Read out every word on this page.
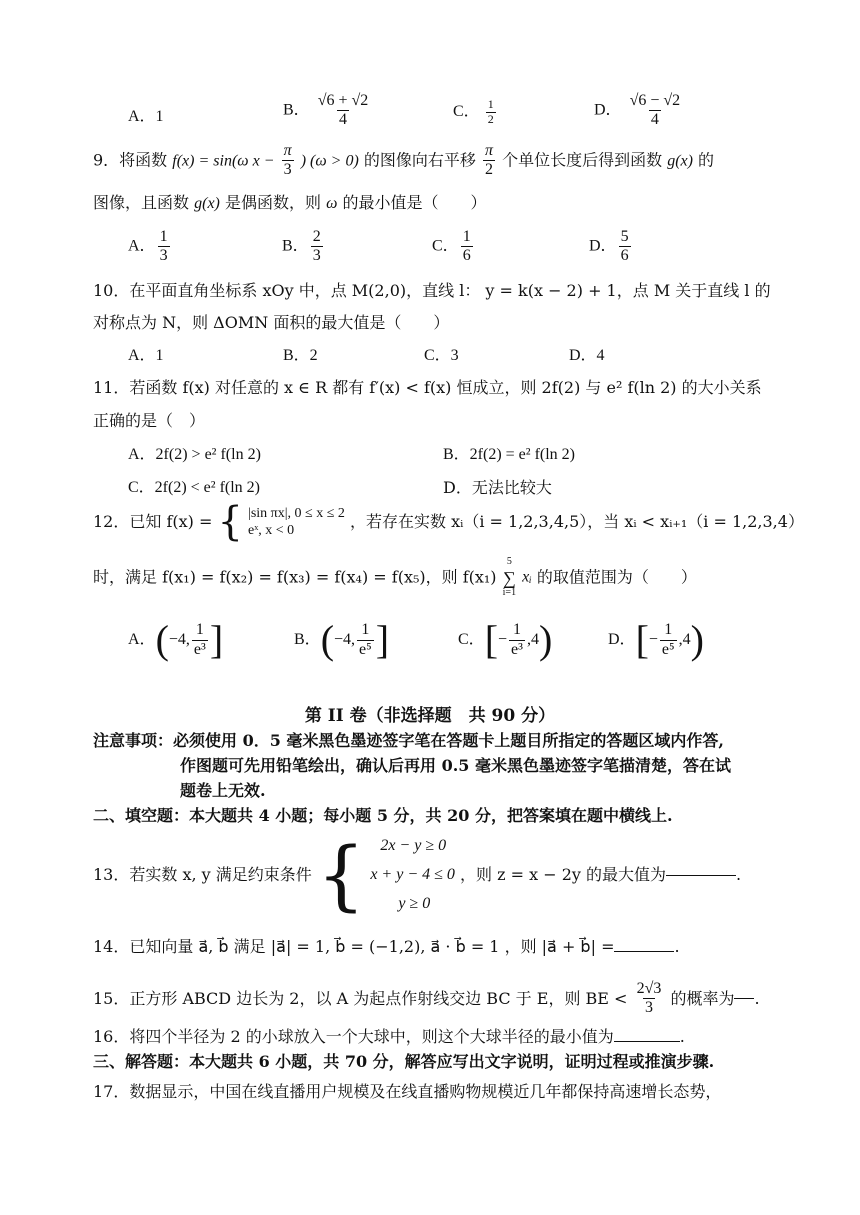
A．1	B． $\frac{√6 + √2}{4}$	C． $\frac{1}{2}$	D． $\frac{√6 - √2}{4}$
9．将函数 f(x) = sin(ω $x - \frac{\pi}{3}$ ) (ω > 0) 的图像向右平移 $\frac{\pi}{2}$ 个单位长度后得到函数 g(x) 的
图像，且函数 g(x) 是偶函数，则 ω 的最小值是（　　）
A． $\frac{1}{3}$	B． $\frac{2}{3}$	C． $\frac{1}{6}$	D． $\frac{5}{6}$
10．在平面直角坐标系 xOy 中，点 M(2,0)，直线 l： y = k(x − 2) + 1，点 M 关于直线 l 的
对称点为 N，则 ΔOMN 面积的最大值是（　　）
A．1	B．2	C．3	D．4
11．若函数 f(x) 对任意的 x ∈ R 都有 f′(x) < f(x) 恒成立，则 2f(2) 与 e² f(ln 2) 的大小关系
正确的是（　）
A．2f(2) > e² f(ln 2)	B．2f(2) = e² f(ln 2)
C．2f(2) < e² f(ln 2)	D．无法比较大
12．已知 f(x) = { |sin πx|, 0 ≤ x ≤ 2
eˣ, x < 0	，若存在实数 xᵢ（i = 1,2,3,4,5），当 xᵢ < xᵢ₊₁（i = 1,2,3,4）
时，满足 f(x₁) = f(x₂) = f(x₃) = f(x₄) = f(x₅)，则 f(x₁)
5
∑
i=1
xᵢ 的取值范围为（　　）
A．(−4, $\frac{1}{\text{e³}}$ ]	B．(−4, $\frac{1}{\text{e⁵}}$ ]	C．[− $\frac{1}{\text{e³}} ,4$)	D．[− $\frac{1}{\text{e⁵}} ,4$)
第 II 卷（非选择题　共 90 分）
注意事项：必须使用 0．5 毫米黑色墨迹签字笔在答题卡上题目所指定的答题区域内作答,
作图题可先用铅笔绘出，确认后再用 0.5 毫米黑色墨迹签字笔描清楚，答在试
题卷上无效.
二、填空题：本大题共 4 小题；每小题 5 分，共 20 分，把答案填在题中横线上.
13．若实数 x, y 满足约束条件 { 2x − y ≥ 0
x + y − 4 ≤ 0
y ≥ 0
，则 z = x − 2y 的最大值为	.
14．已知向量 a⃗, b⃗ 满足 |a⃗| = 1, b⃗ = (−1,2), a⃗ · b⃗ = 1 ，则 |a⃗ + b⃗| =	.
15．正方形 ABCD 边长为 2，以 A 为起点作射线交边 BC 于 E，则 BE < $\frac{2√3}{3}$ 的概率为 .
16．将四个半径为 2 的小球放入一个大球中，则这个大球半径的最小值为	.
三、解答题：本大题共 6 小题，共 70 分，解答应写出文字说明，证明过程或推演步骤.
17．数据显示，中国在线直播用户规模及在线直播购物规模近几年都保持高速增长态势，
